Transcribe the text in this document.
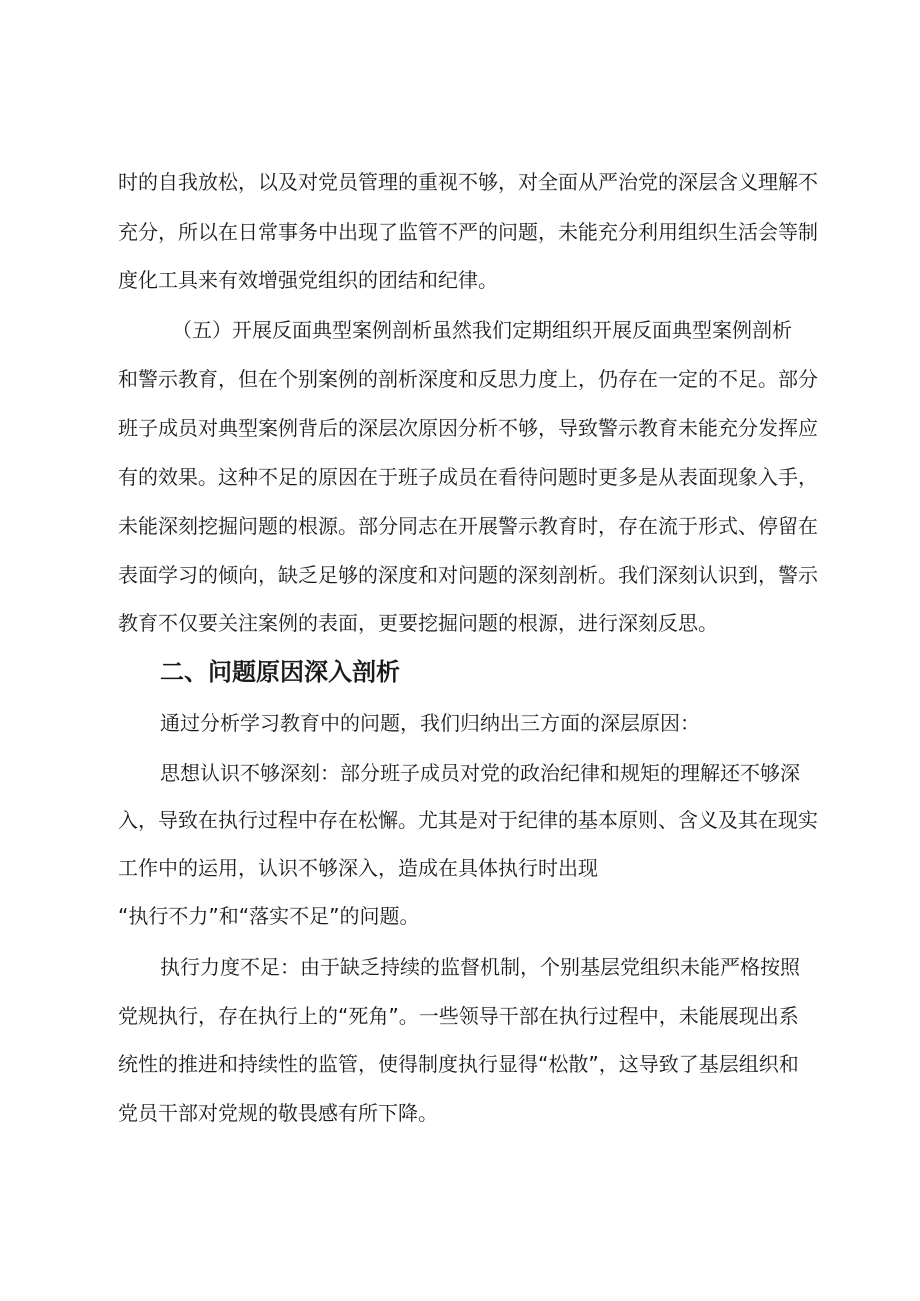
时的自我放松，以及对党员管理的重视不够，对全面从严治党的深层含义理解不

充分，所以在日常事务中出现了监管不严的问题，未能充分利用组织生活会等制

度化工具来有效增强党组织的团结和纪律。

（五）开展反面典型案例剖析虽然我们定期组织开展反面典型案例剖析

和警示教育，但在个别案例的剖析深度和反思力度上，仍存在一定的不足。部分

班子成员对典型案例背后的深层次原因分析不够，导致警示教育未能充分发挥应

有的效果。这种不足的原因在于班子成员在看待问题时更多是从表面现象入手，

未能深刻挖掘问题的根源。部分同志在开展警示教育时，存在流于形式、停留在

表面学习的倾向，缺乏足够的深度和对问题的深刻剖析。我们深刻认识到，警示

教育不仅要关注案例的表面，更要挖掘问题的根源，进行深刻反思。

二、问题原因深入剖析

通过分析学习教育中的问题，我们归纳出三方面的深层原因：

思想认识不够深刻：部分班子成员对党的政治纪律和规矩的理解还不够深

入，导致在执行过程中存在松懈。尤其是对于纪律的基本原则、含义及其在现实

工作中的运用，认识不够深入，造成在具体执行时出现

“执行不力”和“落实不足”的问题。

执行力度不足：由于缺乏持续的监督机制，个别基层党组织未能严格按照

党规执行，存在执行上的“死角”。一些领导干部在执行过程中，未能展现出系

统性的推进和持续性的监管，使得制度执行显得“松散”，这导致了基层组织和

党员干部对党规的敬畏感有所下降。
